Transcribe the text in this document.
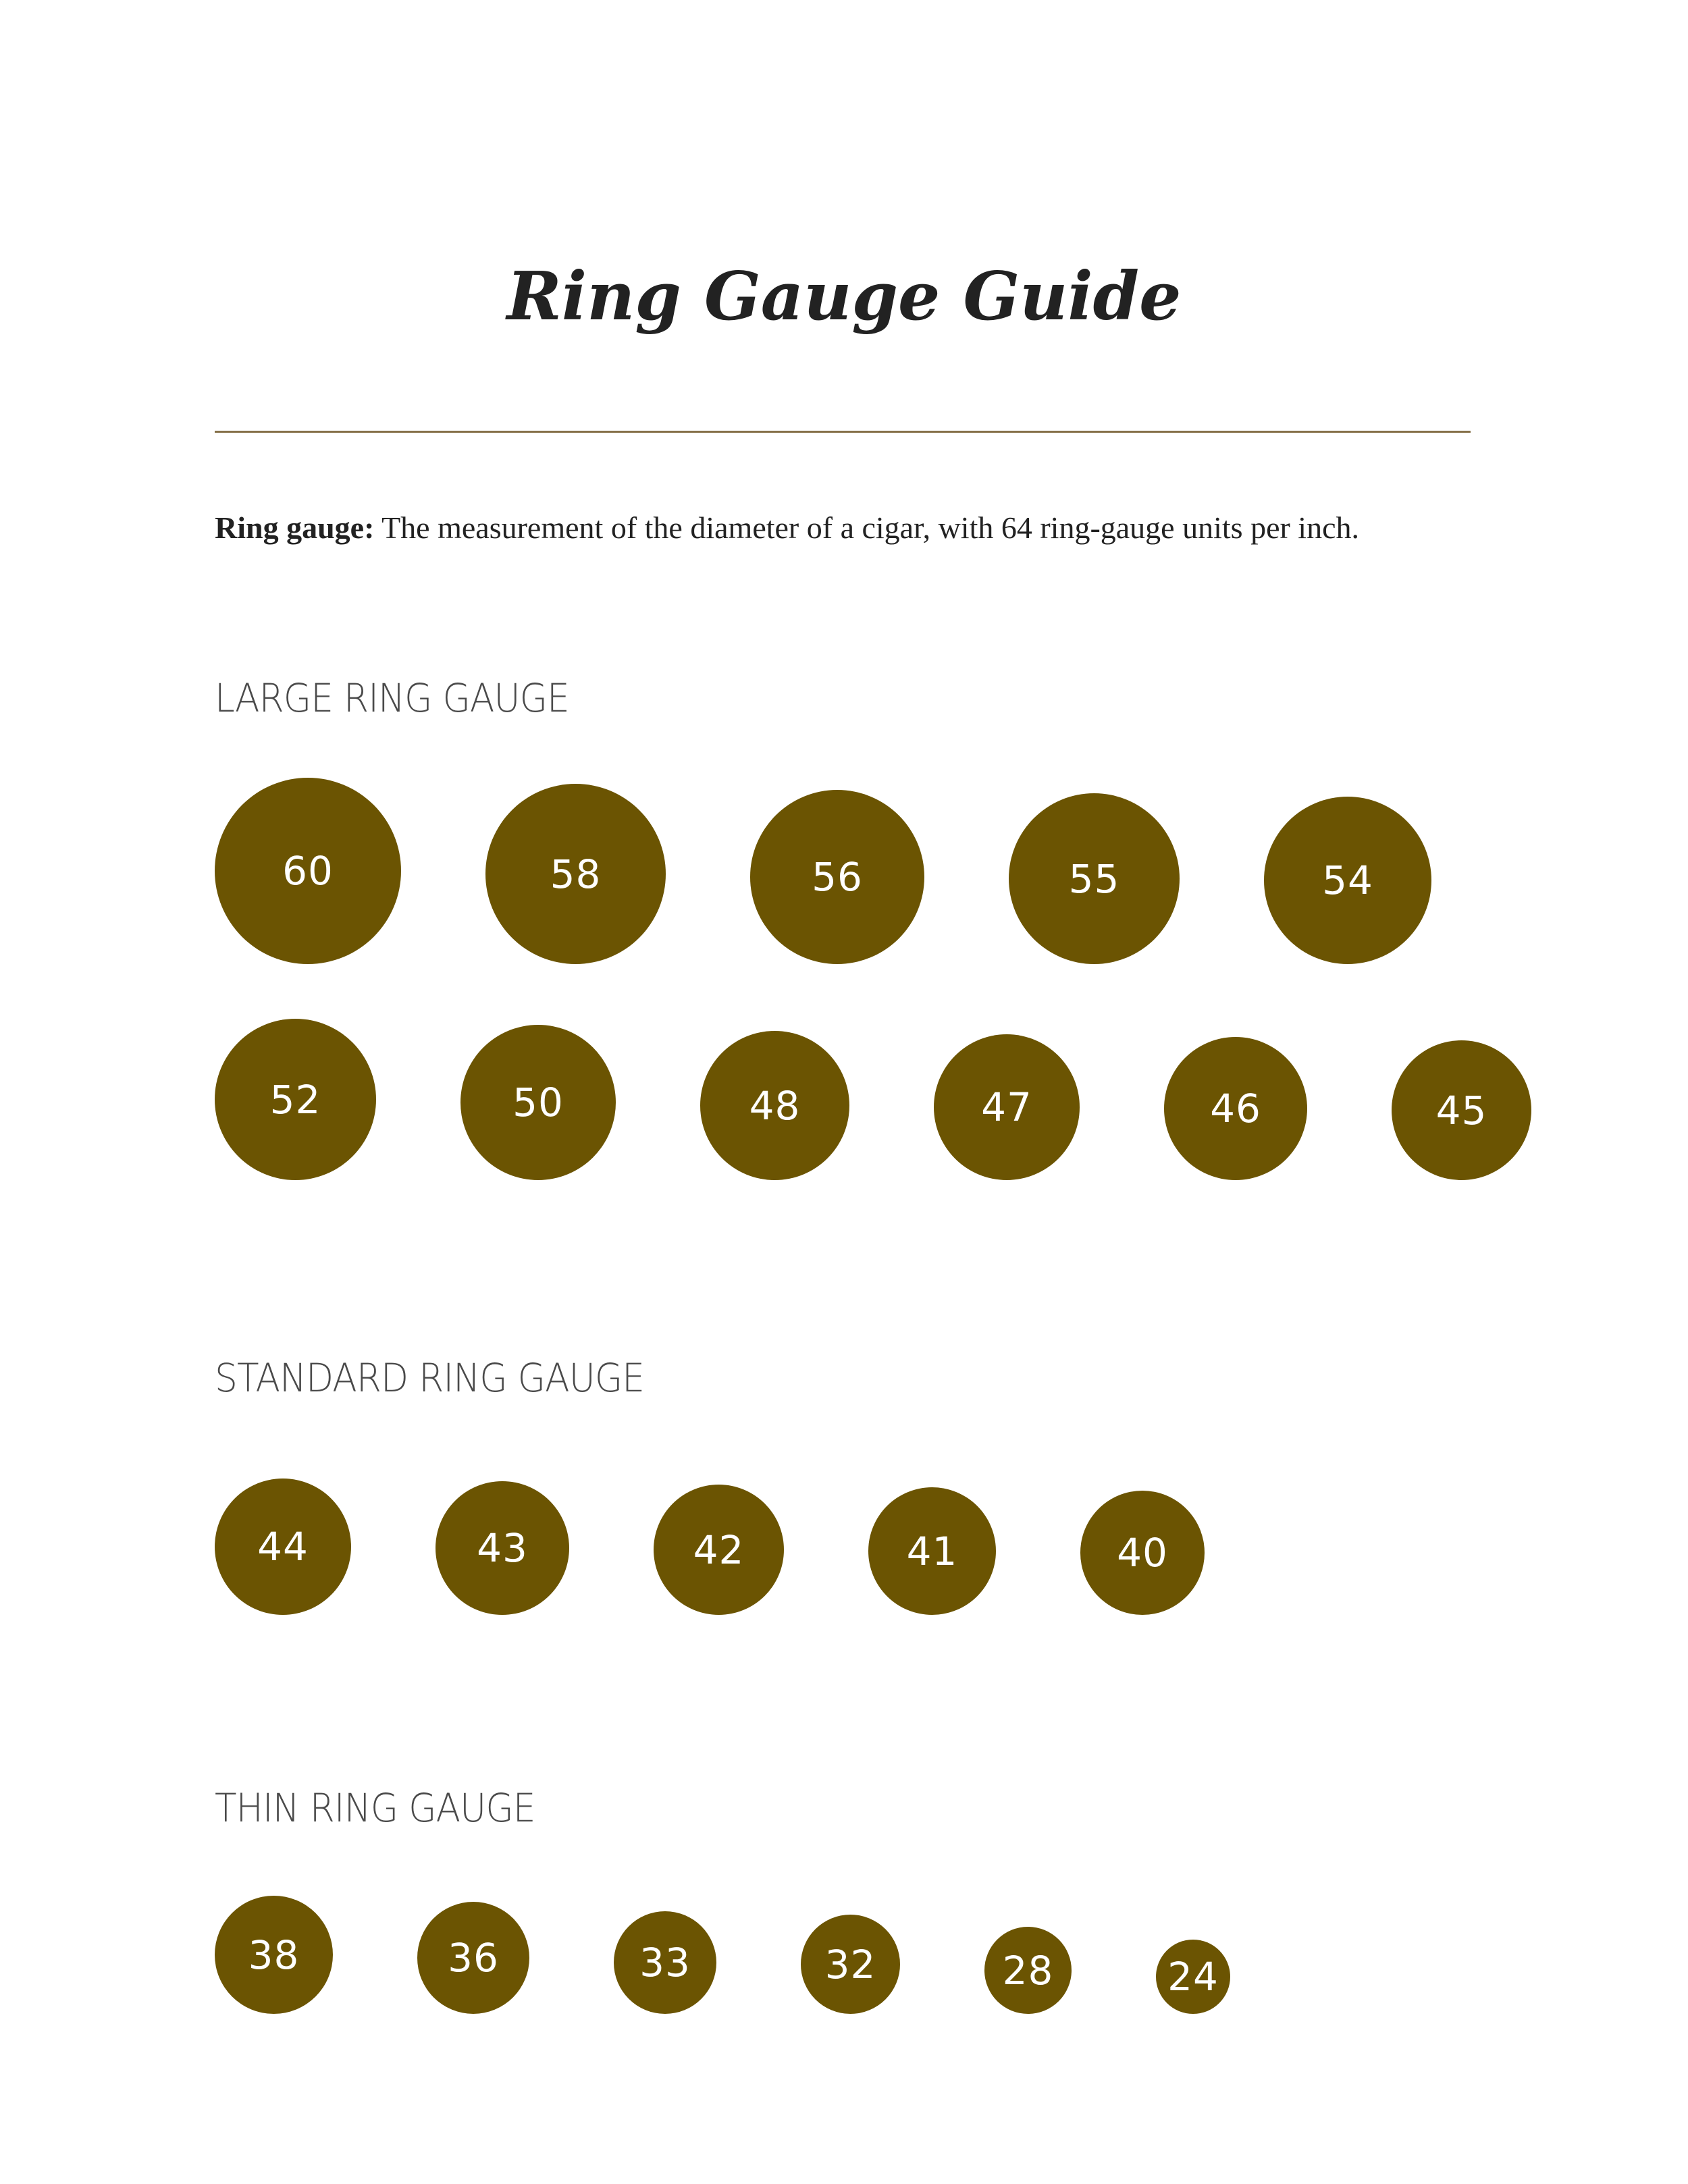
Ring Gauge Guide

Ring gauge: The measurement of the diameter of a cigar, with 64 ring-gauge units per inch.

LARGE RING GAUGE
60	58	56	55	54
52	50	48	47	46	45
STANDARD RING GAUGE
44	43	42	41	40
THIN RING GAUGE
38	36	33	32	28	24
